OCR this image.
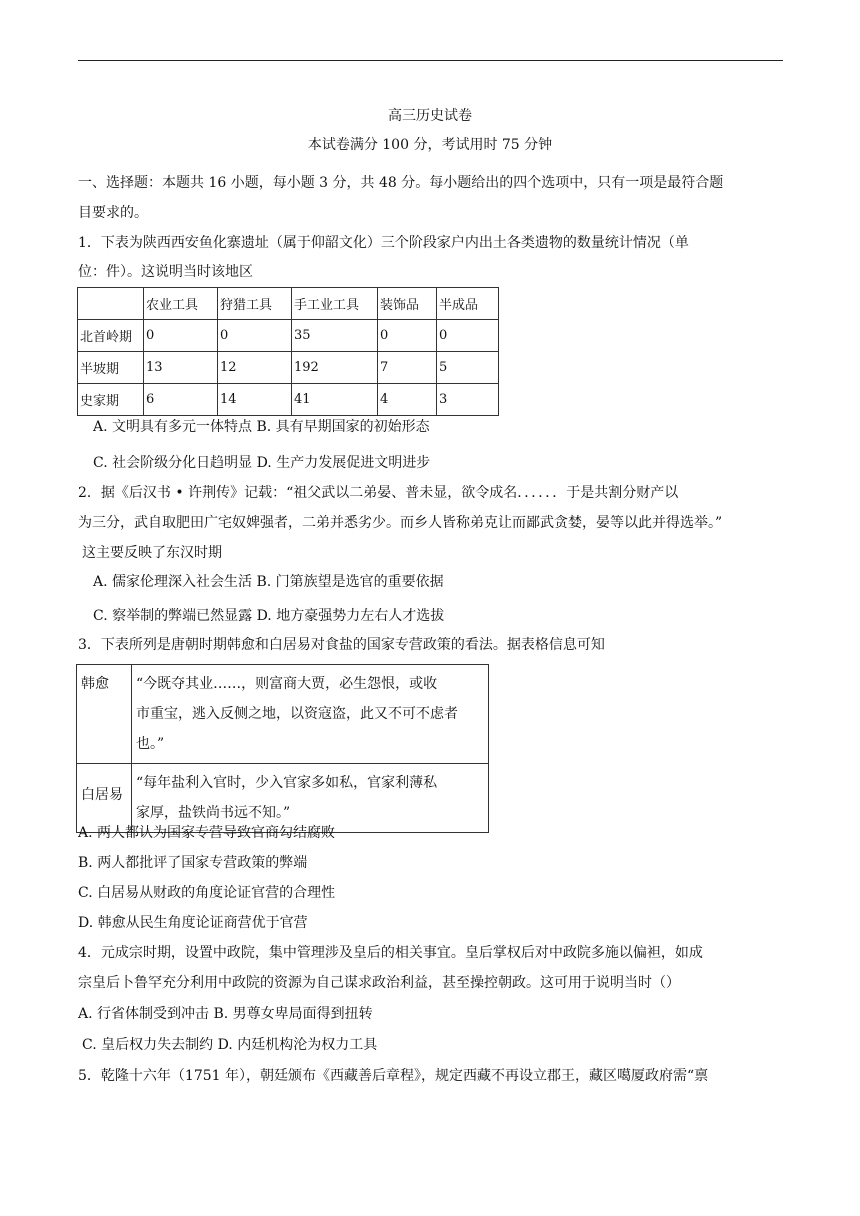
高三历史试卷
本试卷满分 100 分，考试用时 75 分钟
一、选择题：本题共 16 小题，每小题 3 分，共 48 分。每小题给出的四个选项中，只有一项是最符合题
目要求的。
1．下表为陕西西安鱼化寨遗址（属于仰韶文化）三个阶段家户内出土各类遗物的数量统计情况（单
位：件）。这说明当时该地区
	农业工具	狩猎工具	手工业工具	装饰品	半成品
北首岭期	0	0	35	0	0
半坡期	13	12	192	7	5
史家期	6	14	41	4	3
A. 文明具有多元一体特点 B. 具有早期国家的初始形态
C. 社会阶级分化日趋明显 D. 生产力发展促进文明进步
2．据《后汉书 • 许荆传》记载：“祖父武以二弟晏、普未显，欲令成名．．．．．．于是共割分财产以
为三分，武自取肥田广宅奴婢强者，二弟并悉劣少。而乡人皆称弟克让而鄙武贪婪，晏等以此并得选举。”
这主要反映了东汉时期
A. 儒家伦理深入社会生活 B. 门第族望是选官的重要依据
C. 察举制的弊端已然显露 D. 地方豪强势力左右人才选拔
3．下表所列是唐朝时期韩愈和白居易对食盐的国家专营政策的看法。据表格信息可知
韩愈	“今既夺其业……，则富商大贾，必生怨恨，或收
市重宝，逃入反侧之地，以资寇盗，此又不可不虑者
也。”

白居易	“每年盐利入官时，少入官家多如私，官家利薄私
家厚，盐铁尚书远不知。”
A. 两人都认为国家专营导致官商勾结腐败
B. 两人都批评了国家专营政策的弊端
C. 白居易从财政的角度论证官营的合理性
D. 韩愈从民生角度论证商营优于官营
4．元成宗时期，设置中政院，集中管理涉及皇后的相关事宜。皇后掌权后对中政院多施以偏袒，如成
宗皇后卜鲁罕充分利用中政院的资源为自己谋求政治利益，甚至操控朝政。这可用于说明当时（）
A. 行省体制受到冲击 B. 男尊女卑局面得到扭转
C. 皇后权力失去制约 D. 内廷机构沦为权力工具
5．乾隆十六年（1751 年），朝廷颁布《西藏善后章程》，规定西藏不再设立郡王，藏区噶厦政府需“禀
